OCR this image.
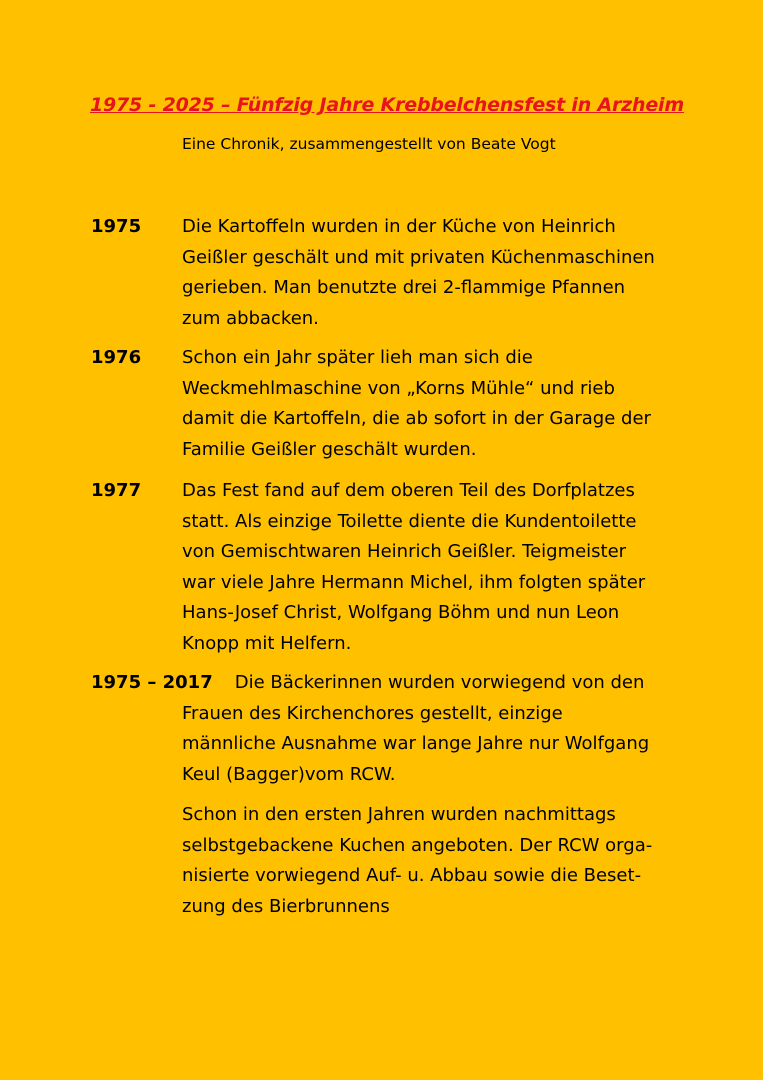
1975 - 2025 – Fünfzig Jahre Krebbelchensfest in Arzheim
Eine Chronik, zusammengestellt von Beate Vogt
1975 Die Kartoffeln wurden in der Küche von Heinrich
Geißler geschält und mit privaten Küchenmaschinen
gerieben. Man benutzte drei 2-flammige Pfannen
zum abbacken.
1976 Schon ein Jahr später lieh man sich die
Weckmehlmaschine von „Korns Mühle“ und rieb
damit die Kartoffeln, die ab sofort in der Garage der
Familie Geißler geschält wurden.
1977 Das Fest fand auf dem oberen Teil des Dorfplatzes
statt. Als einzige Toilette diente die Kundentoilette
von Gemischtwaren Heinrich Geißler. Teigmeister
war viele Jahre Hermann Michel, ihm folgten später
Hans-Josef Christ, Wolfgang Böhm und nun Leon
Knopp mit Helfern.
1975 – 2017 Die Bäckerinnen wurden vorwiegend von den
Frauen des Kirchenchores gestellt, einzige
männliche Ausnahme war lange Jahre nur Wolfgang
Keul (Bagger)vom RCW.
Schon in den ersten Jahren wurden nachmittags
selbstgebackene Kuchen angeboten. Der RCW orga-
nisierte vorwiegend Auf- u. Abbau sowie die Beset-
zung des Bierbrunnens
